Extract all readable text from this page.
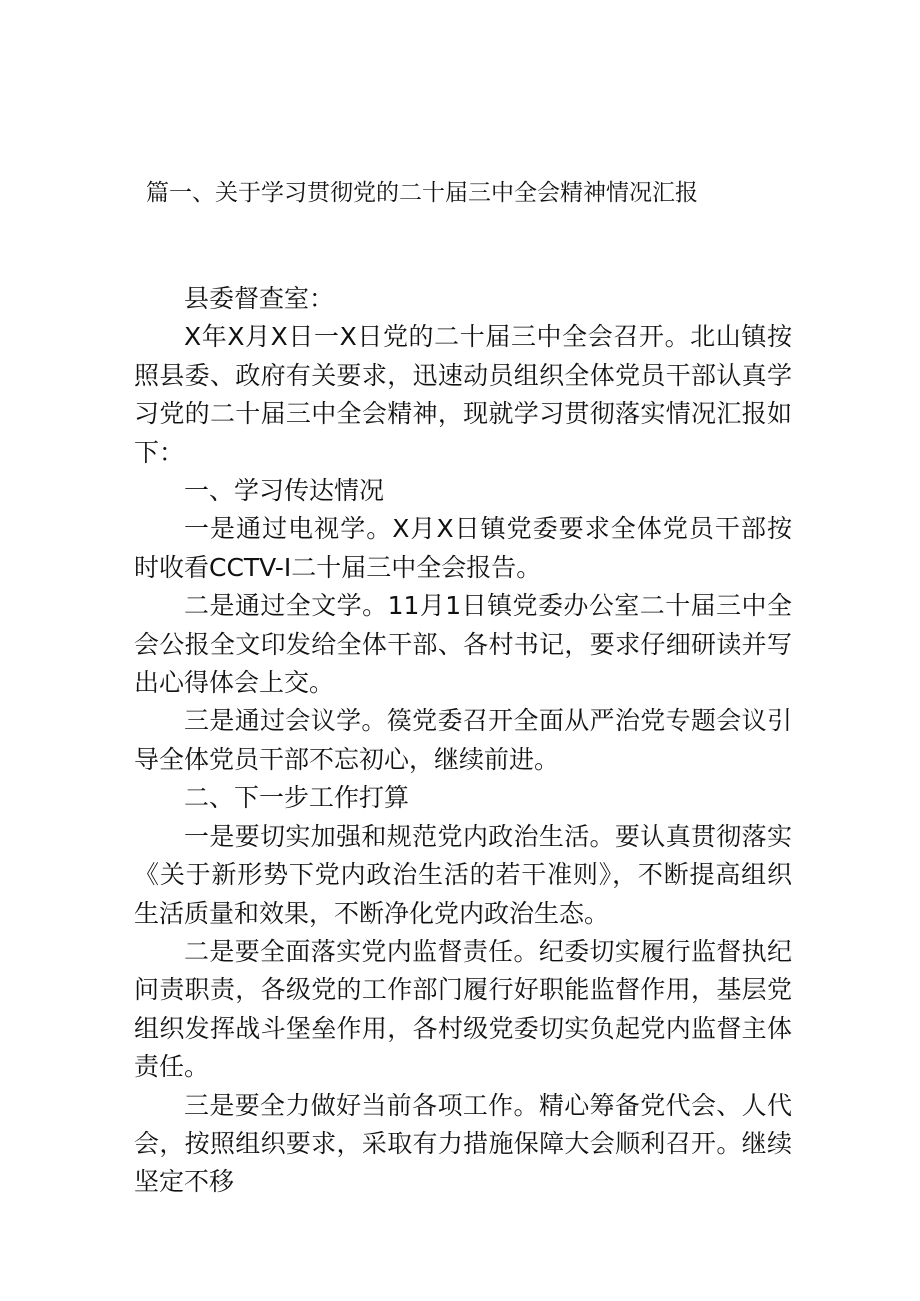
篇一、关于学习贯彻党的二十届三中全会精神情况汇报

县委督查室：

X年X月X日一X日党的二十届三中全会召开。北山镇按照县委、政府有关要求，迅速动员组织全体党员干部认真学习党的二十届三中全会精神，现就学习贯彻落实情况汇报如下：

一、学习传达情况

一是通过电视学。X月X日镇党委要求全体党员干部按时收看CCTV-I二十届三中全会报告。

二是通过全文学。11月1日镇党委办公室二十届三中全会公报全文印发给全体干部、各村书记，要求仔细研读并写出心得体会上交。

三是通过会议学。篌党委召开全面从严治党专题会议引导全体党员干部不忘初心，继续前进。

二、下一步工作打算

一是要切实加强和规范党内政治生活。要认真贯彻落实《关于新形势下党内政治生活的若干准则》，不断提高组织生活质量和效果，不断净化党内政治生态。

二是要全面落实党内监督责任。纪委切实履行监督执纪问责职责，各级党的工作部门履行好职能监督作用，基层党组织发挥战斗堡垒作用，各村级党委切实负起党内监督主体责任。

三是要全力做好当前各项工作。精心筹备党代会、人代会，按照组织要求，采取有力措施保障大会顺利召开。继续坚定不移
